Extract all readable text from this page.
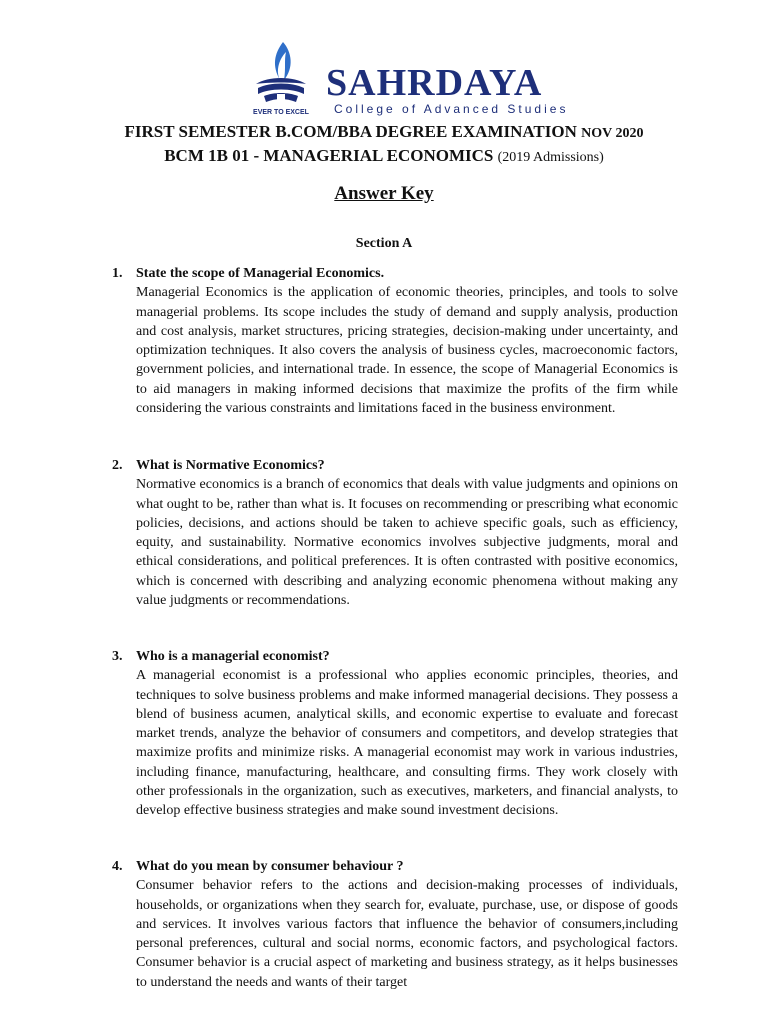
EVER TO EXCEL
SAHRDAYA
College of Advanced Studies
FIRST SEMESTER B.COM/BBA DEGREE EXAMINATION NOV 2020
BCM 1B 01 - MANAGERIAL ECONOMICS (2019 Admissions)
Answer Key
Section A
1. State the scope of Managerial Economics.
Managerial Economics is the application of economic theories, principles, and tools to solve managerial problems. Its scope includes the study of demand and supply analysis, production and cost analysis, market structures, pricing strategies, decision-making under uncertainty, and optimization techniques. It also covers the analysis of business cycles, macroeconomic factors, government policies, and international trade. In essence, the scope of Managerial Economics is to aid managers in making informed decisions that maximize the profits of the firm while considering the various constraints and limitations faced in the business environment.
2. What is Normative Economics?
Normative economics is a branch of economics that deals with value judgments and opinions on what ought to be, rather than what is. It focuses on recommending or prescribing what economic policies, decisions, and actions should be taken to achieve specific goals, such as efficiency, equity, and sustainability. Normative economics involves subjective judgments, moral and ethical considerations, and political preferences. It is often contrasted with positive economics, which is concerned with describing and analyzing economic phenomena without making any value judgments or recommendations.
3. Who is a managerial economist?
A managerial economist is a professional who applies economic principles, theories, and techniques to solve business problems and make informed managerial decisions. They possess a blend of business acumen, analytical skills, and economic expertise to evaluate and forecast market trends, analyze the behavior of consumers and competitors, and develop strategies that maximize profits and minimize risks. A managerial economist may work in various industries, including finance, manufacturing, healthcare, and consulting firms. They work closely with other professionals in the organization, such as executives, marketers, and financial analysts, to develop effective business strategies and make sound investment decisions.
4. What do you mean by consumer behaviour ?
Consumer behavior refers to the actions and decision-making processes of individuals, households, or organizations when they search for, evaluate, purchase, use, or dispose of goods and services. It involves various factors that influence the behavior of consumers,including personal preferences, cultural and social norms, economic factors, and psychological factors. Consumer behavior is a crucial aspect of marketing and business strategy, as it helps businesses to understand the needs and wants of their target
